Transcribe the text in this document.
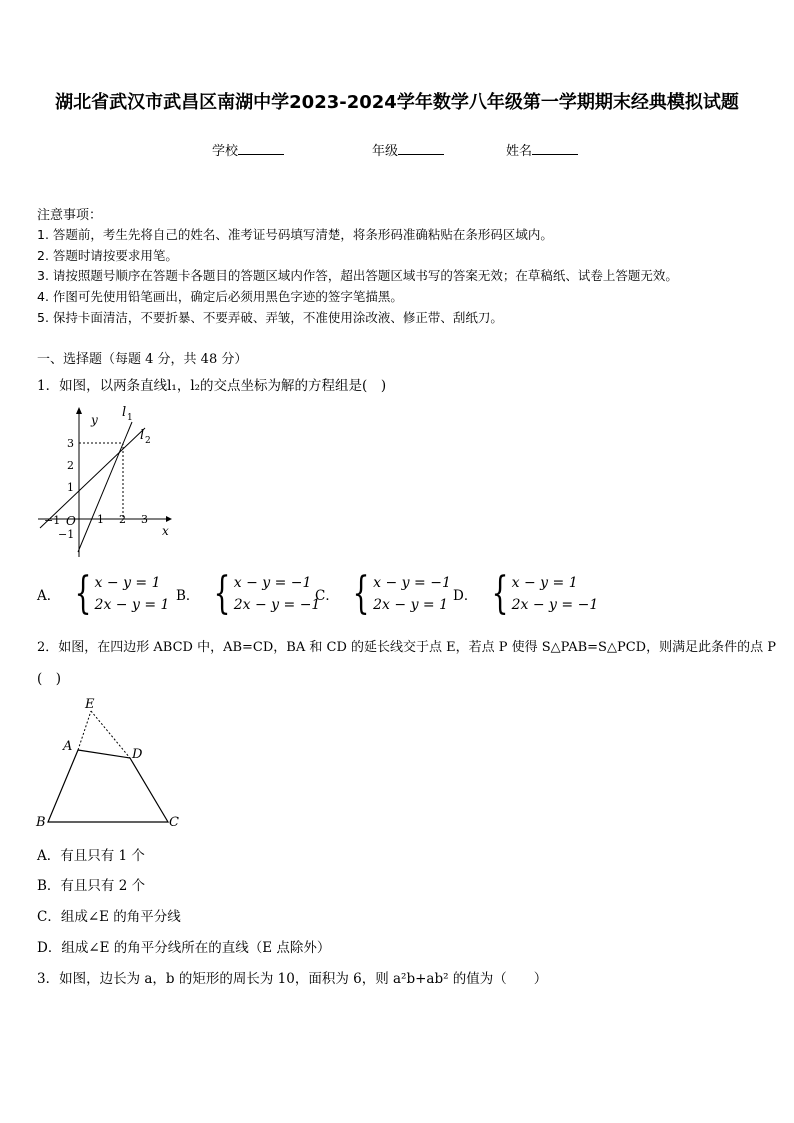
湖北省武汉市武昌区南湖中学2023-2024学年数学八年级第一学期期末经典模拟试题
学校	年级	姓名
注意事项：
1. 答题前，考生先将自己的姓名、准考证号码填写清楚，将条形码准确粘贴在条形码区域内。
2. 答题时请按要求用笔。
3. 请按照题号顺序在答题卡各题目的答题区域内作答，超出答题区域书写的答案无效；在草稿纸、试卷上答题无效。
4. 作图可先使用铅笔画出，确定后必须用黑色字迹的签字笔描黑。
5. 保持卡面清洁，不要折暴、不要弄破、弄皱，不准使用涂改液、修正带、刮纸刀。
一、选择题（每题 4 分，共 48 分）
1．如图，以两条直线l₁，l₂的交点坐标为解的方程组是(　)
y
x
O
l 1
l 2
−1	1 2 3
3
2
1
−1
A． { x − y = 1
2x − y = 1
B． { x − y = −1
2x − y = −1
C． { x − y = −1
2x − y = 1
D． { x − y = 1
2x − y = −1
2．如图，在四边形 ABCD 中，AB=CD，BA 和 CD 的延长线交于点 E，若点 P 使得 S△PAB=S△PCD，则满足此条件的点 P
(　)
E
A
D
B	C
A．有且只有 1 个
B．有且只有 2 个
C．组成∠E 的角平分线
D．组成∠E 的角平分线所在的直线（E 点除外）
3．如图，边长为 a，b 的矩形的周长为 10，面积为 6，则 a²b+ab² 的值为（　　）
